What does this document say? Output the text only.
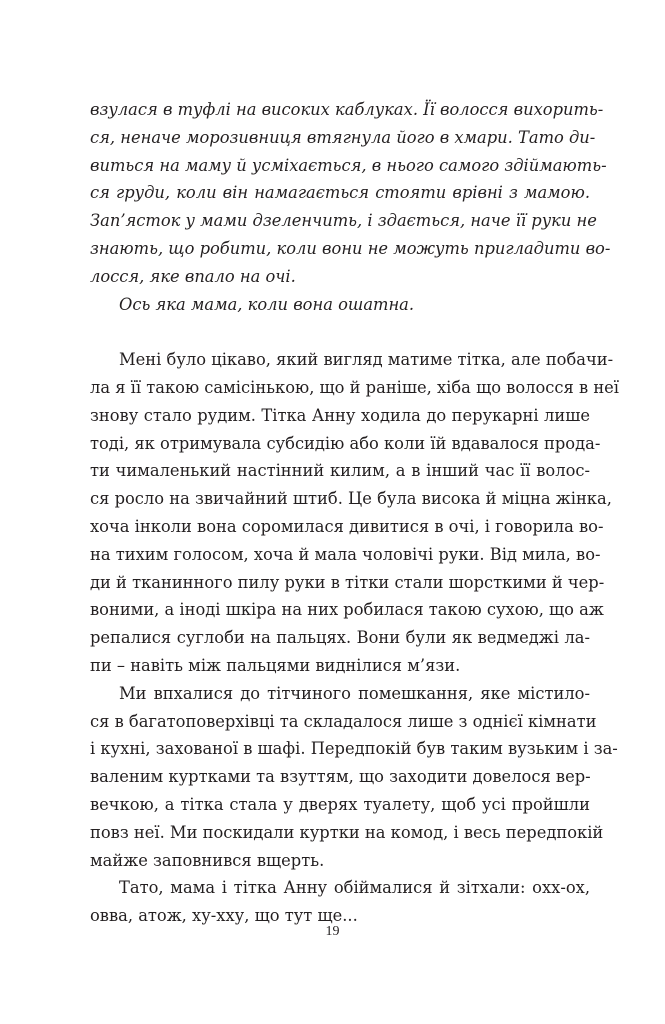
взулася в туфлі на високих каблуках. Її волосся вихорить-
ся, неначе морозивниця втягнула його в хмари. Тато ди-
виться на маму й усміхається, в нього самого здіймають-
ся груди, коли він намагається стояти врівні з мамою.
Зап’ясток у мами дзеленчить, і здається, наче її руки не
знають, що робити, коли вони не можуть пригладити во-
лосся, яке впало на очі.
Ось яка мама, коли вона ошатна.
Мені було цікаво, який вигляд матиме тітка, але побачи-
ла я її такою самісінькою, що й раніше, хіба що волосся в неї
знову стало рудим. Тітка Анну ходила до перукарні лише
тоді, як отримувала субсидію або коли їй вдавалося прода-
ти чималенький настінний килим, а в інший час її волос-
ся росло на звичайний штиб. Це була висока й міцна жінка,
хоча інколи вона соромилася дивитися в очі, і говорила во-
на тихим голосом, хоча й мала чоловічі руки. Від мила, во-
ди й тканинного пилу руки в тітки стали шорсткими й чер-
воними, а іноді шкіра на них робилася такою сухою, що аж
репалися суглоби на пальцях. Вони були як ведмеджі ла-
пи – навіть між пальцями виднілися м’язи.
Ми впхалися до тітчиного помешкання, яке містило-
ся в багатоповерхівці та складалося лише з однієї кімнати
і кухні, захованої в шафі. Передпокій був таким вузьким і за-
валеним куртками та взуттям, що заходити довелося вер-
вечкою, а тітка стала у дверях туалету, щоб усі пройшли
повз неї. Ми поскидали куртки на комод, і весь передпокій
майже заповнився вщерть.
Тато, мама і тітка Анну обіймалися й зітхали: охх-ох,
овва, атож, ху-хху, що тут ще...
19
